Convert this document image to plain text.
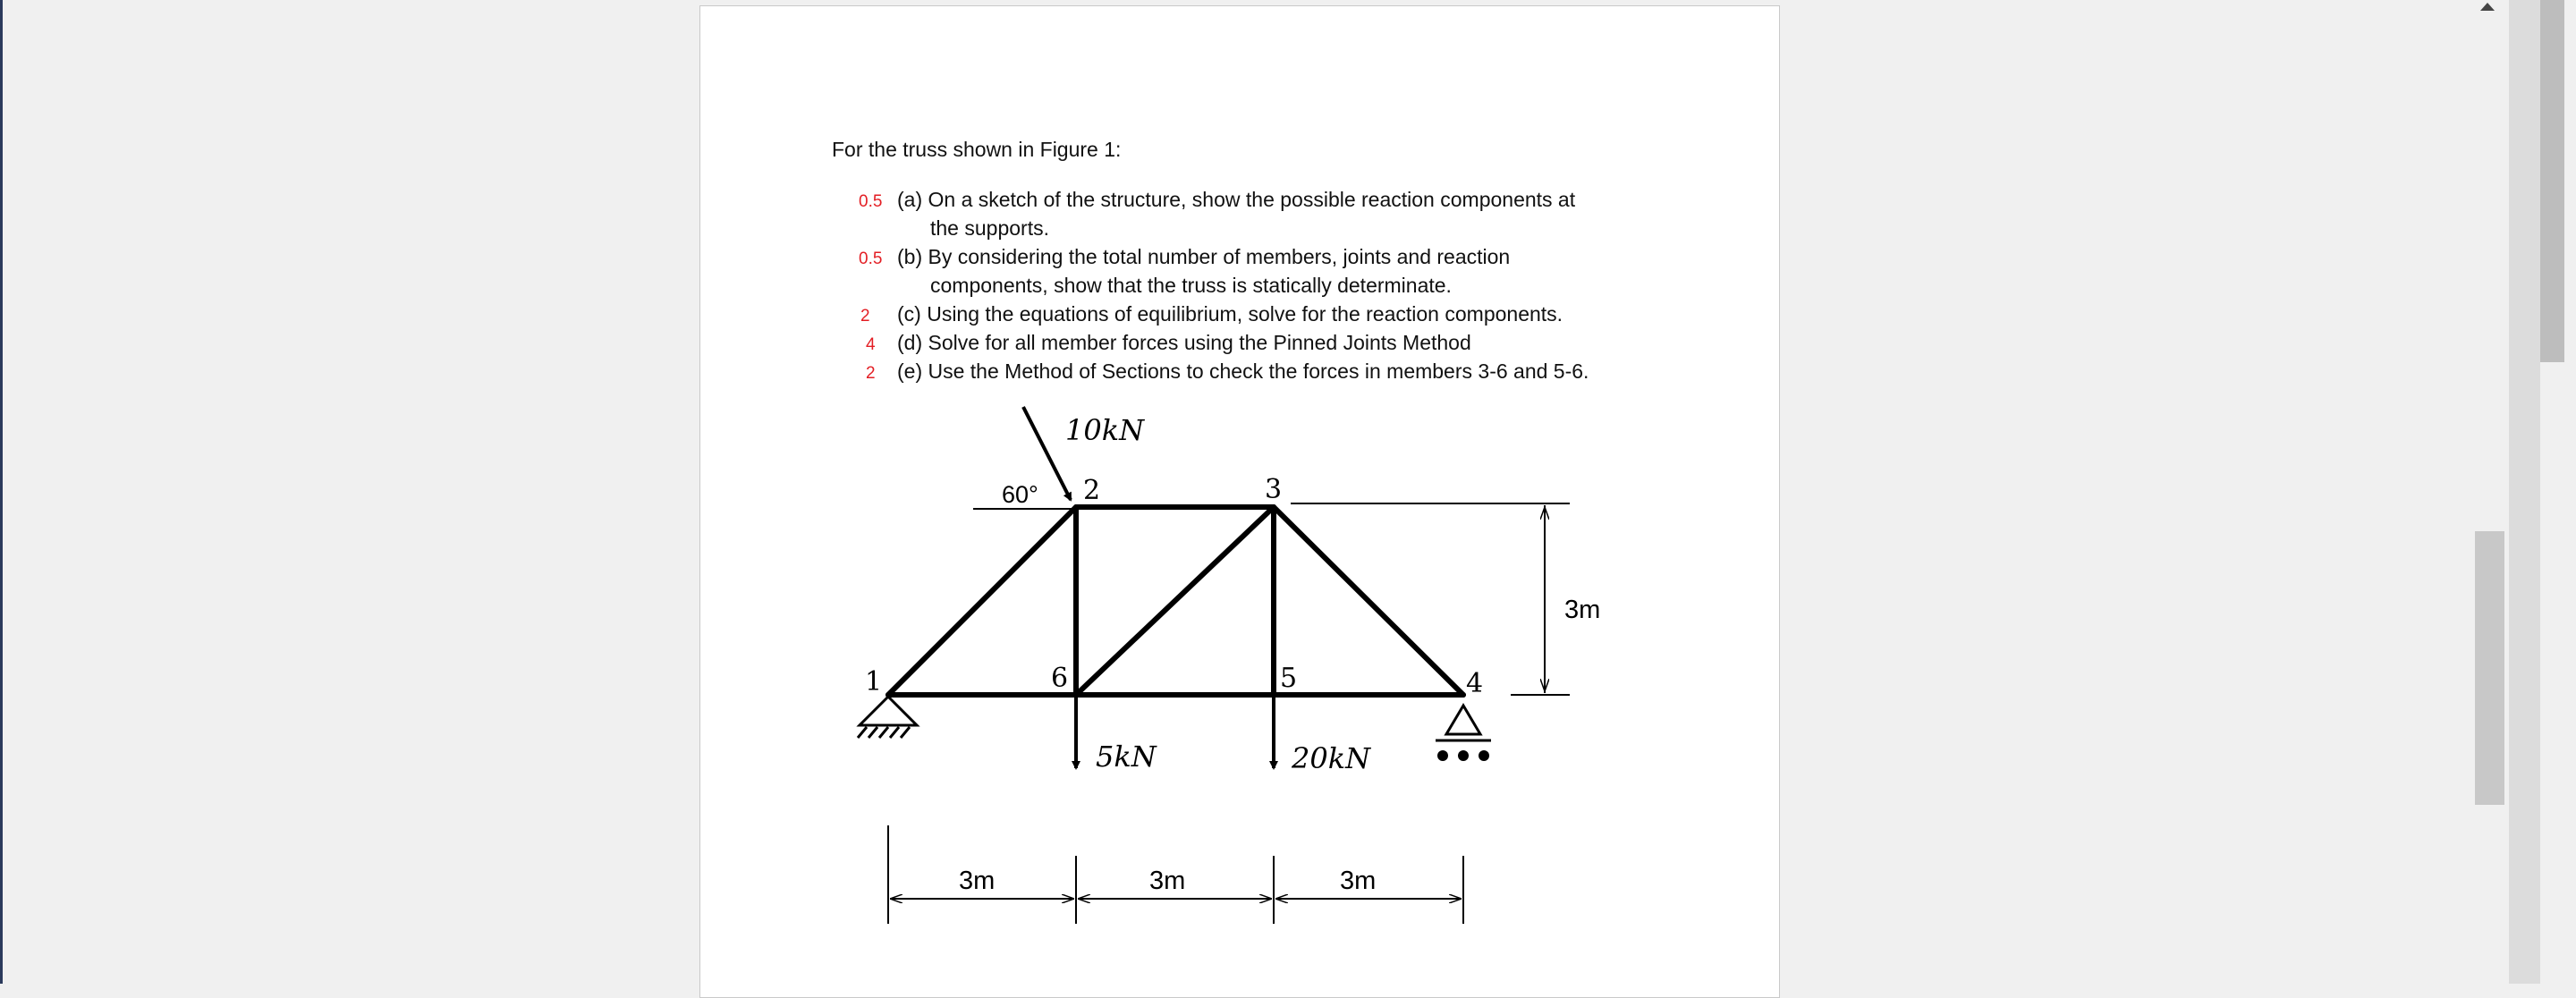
For the truss shown in Figure 1:
0.5 (a) On a sketch of the structure, show the possible reaction components at
the supports.
0.5 (b) By considering the total number of members, joints and reaction
components, show that the truss is statically determinate.
2 (c) Using the equations of equilibrium, solve for the reaction components.
4 (d) Solve for all member forces using the Pinned Joints Method
2 (e) Use the Method of Sections to check the forces in members 3-6 and 5-6.
10kN
60°
1
2	3
4
5
6
5kN	20kN
3m
3m	3m	3m
